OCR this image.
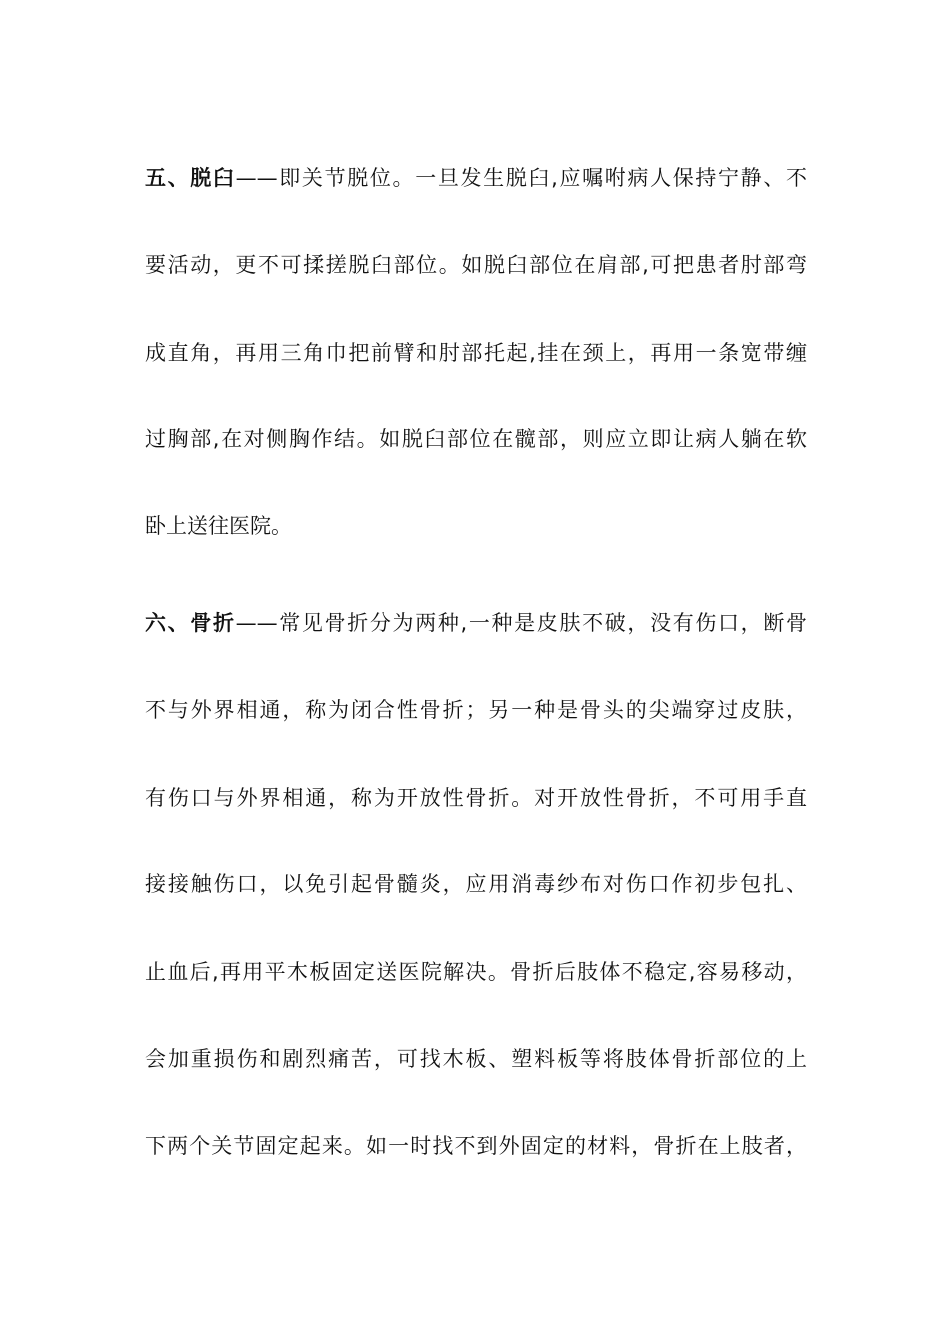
五、脱臼——即关节脱位。一旦发生脱臼,应嘱咐病人保持宁静、不
要活动，更不可揉搓脱臼部位。如脱臼部位在肩部,可把患者肘部弯
成直角，再用三角巾把前臂和肘部托起,挂在颈上，再用一条宽带缠
过胸部,在对侧胸作结。如脱臼部位在髋部，则应立即让病人躺在软
卧上送往医院。
六、骨折——常见骨折分为两种,一种是皮肤不破，没有伤口，断骨
不与外界相通，称为闭合性骨折；另一种是骨头的尖端穿过皮肤，
有伤口与外界相通，称为开放性骨折。对开放性骨折，不可用手直
接接触伤口，以免引起骨髓炎，应用消毒纱布对伤口作初步包扎、
止血后,再用平木板固定送医院解决。骨折后肢体不稳定,容易移动，
会加重损伤和剧烈痛苦，可找木板、塑料板等将肢体骨折部位的上
下两个关节固定起来。如一时找不到外固定的材料，骨折在上肢者，
